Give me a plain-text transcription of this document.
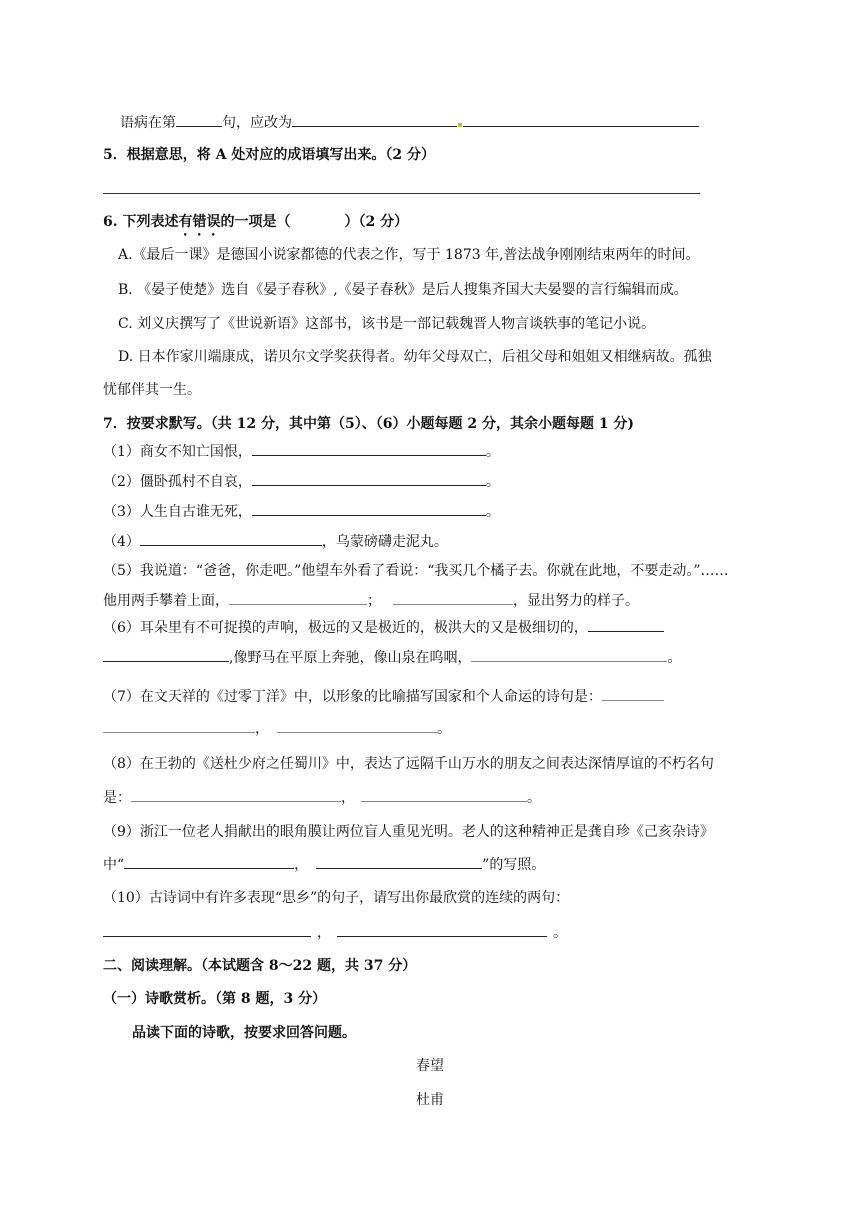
语病在第	句，应改为
5．根据意思，将 A 处对应的成语填写出来。（2 分）
6. 下列表述有错误的一项是（	）（2 分）
A.《最后一课》是德国小说家都德的代表之作，写于 1873 年,普法战争刚刚结束两年的时间。
B. 《晏子使楚》选自《晏子春秋》,《晏子春秋》是后人搜集齐国大夫晏婴的言行编辑而成。
C. 刘义庆撰写了《世说新语》这部书，该书是一部记载魏晋人物言谈轶事的笔记小说。
D. 日本作家川端康成，诺贝尔文学奖获得者。幼年父母双亡，后祖父母和姐姐又相继病故。孤独
忧郁伴其一生。
7．按要求默写。（共 12 分，其中第（5）、（6）小题每题 2 分，其余小题每题 1 分)
（1）商女不知亡国恨，	。
（2）僵卧孤村不自哀，	。
（3）人生自古谁无死，	。
（4）	，乌蒙磅礴走泥丸。
（5）我说道：“爸爸，你走吧。”他望车外看了看说：“我买几个橘子去。你就在此地，不要走动。”……
他用两手攀着上面，	；	，显出努力的样子。
（6）耳朵里有不可捉摸的声响，极远的又是极近的，极洪大的又是极细切的，
,像野马在平原上奔驰，像山泉在呜咽，	。
（7）在文天祥的《过零丁洋》中，以形象的比喻描写国家和个人命运的诗句是：
，	。
（8）在王勃的《送杜少府之任蜀川》中，表达了远隔千山万水的朋友之间表达深情厚谊的不朽名句
是：	，	。
（9）浙江一位老人捐献出的眼角膜让两位盲人重见光明。老人的这种精神正是龚自珍《己亥杂诗》
中“	，	”的写照。
（10）古诗词中有许多表现“思乡”的句子，请写出你最欣赏的连续的两句：
，	。
二、阅读理解。（本试题含 8～22 题，共 37 分）
（一）诗歌赏析。（第 8 题，3 分）
品读下面的诗歌，按要求回答问题。
春望
杜甫
